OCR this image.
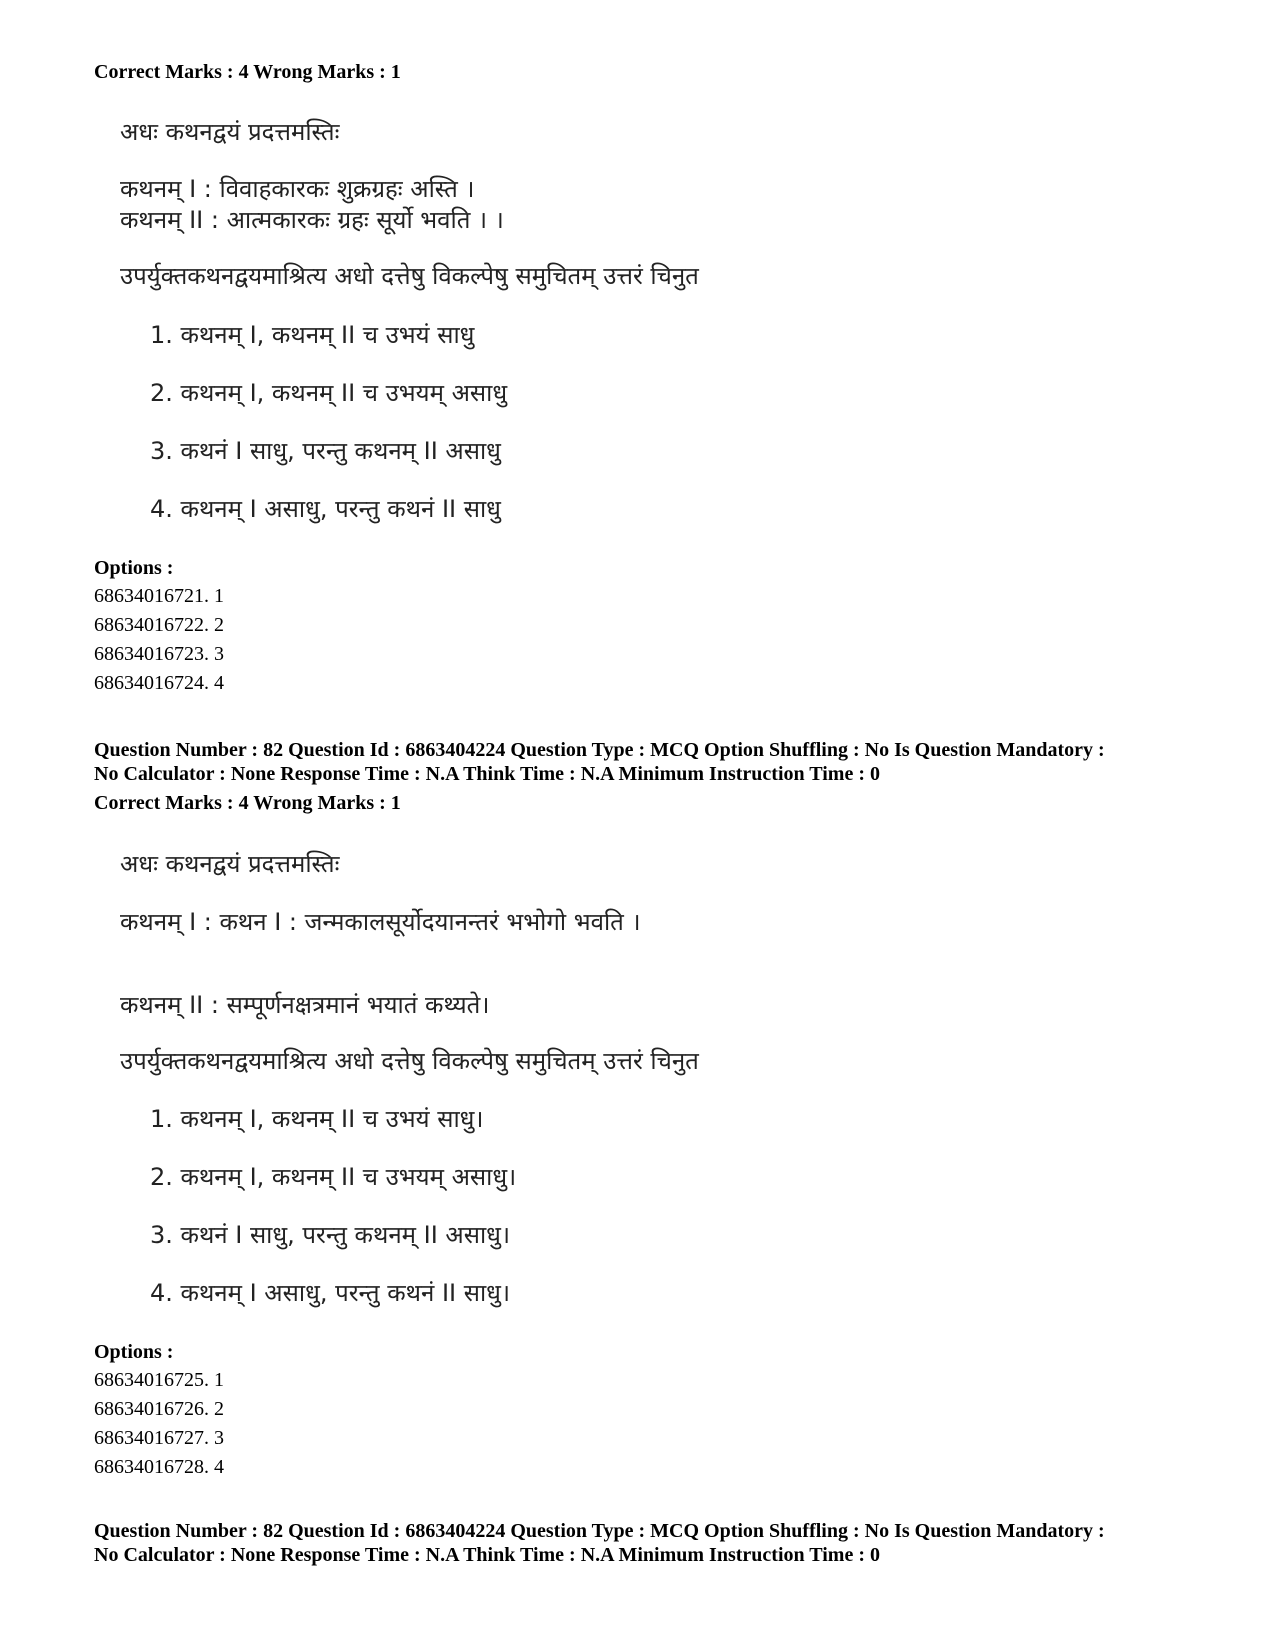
Correct Marks : 4 Wrong Marks : 1
अधः कथनद्वयं प्रदत्तमस्तिः
कथनम् I : विवाहकारकः शुक्रग्रहः अस्ति ।
कथनम् II : आत्मकारकः ग्रहः सूर्यो भवति । ।
उपर्युक्तकथनद्वयमाश्रित्य अधो दत्तेषु विकल्पेषु समुचितम् उत्तरं चिनुत
1. कथनम् I, कथनम् II च उभयं साधु
2. कथनम् I, कथनम् II च उभयम् असाधु
3. कथनं I साधु, परन्तु कथनम् II असाधु
4. कथनम् I असाधु, परन्तु कथनं II साधु
Options :
68634016721. 1
68634016722. 2
68634016723. 3
68634016724. 4
Question Number : 82 Question Id : 6863404224 Question Type : MCQ Option Shuffling : No Is Question Mandatory :
No Calculator : None Response Time : N.A Think Time : N.A Minimum Instruction Time : 0
Correct Marks : 4 Wrong Marks : 1
अधः कथनद्वयं प्रदत्तमस्तिः
कथनम् I : कथन I : जन्मकालसूर्योदयानन्तरं भभोगो भवति ।
कथनम् II : सम्पूर्णनक्षत्रमानं भयातं कथ्यते।
उपर्युक्तकथनद्वयमाश्रित्य अधो दत्तेषु विकल्पेषु समुचितम् उत्तरं चिनुत
1. कथनम् I, कथनम् II च उभयं साधु।
2. कथनम् I, कथनम् II च उभयम् असाधु।
3. कथनं I साधु, परन्तु कथनम् II असाधु।
4. कथनम् I असाधु, परन्तु कथनं II साधु।
Options :
68634016725. 1
68634016726. 2
68634016727. 3
68634016728. 4
Question Number : 82 Question Id : 6863404224 Question Type : MCQ Option Shuffling : No Is Question Mandatory :
No Calculator : None Response Time : N.A Think Time : N.A Minimum Instruction Time : 0
